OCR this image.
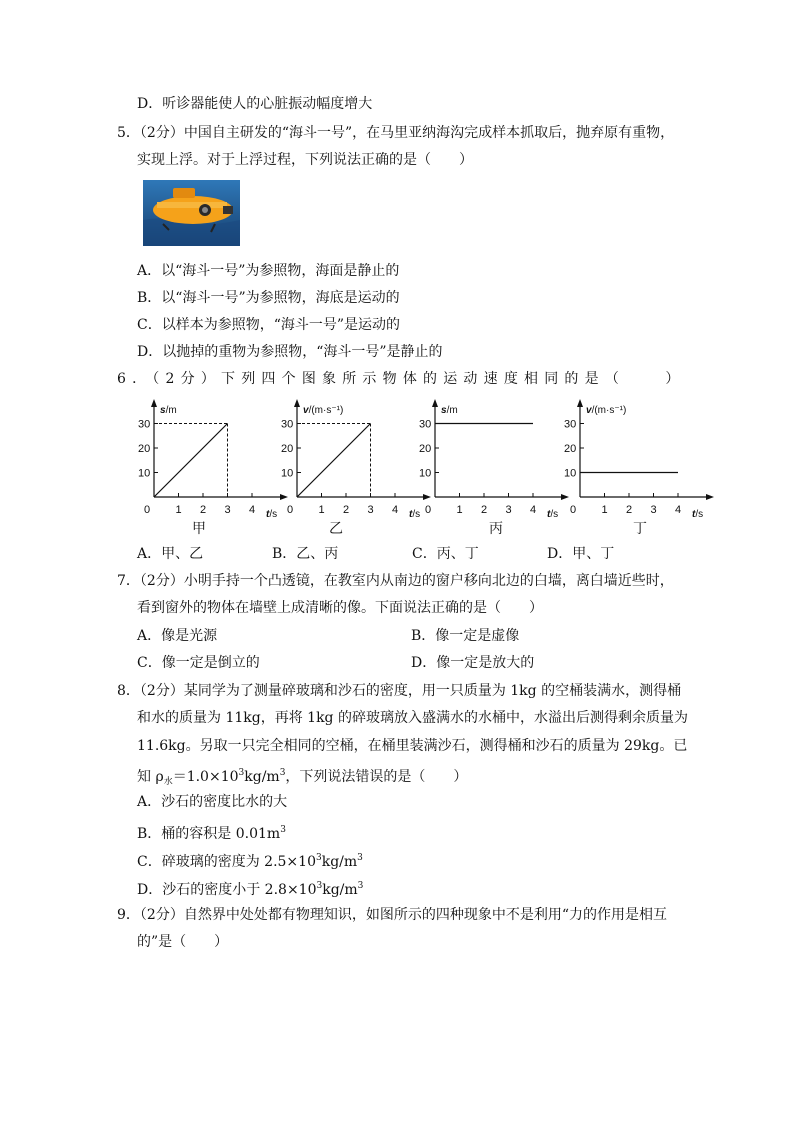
D．听诊器能使人的心脏振动幅度增大
5．（2分）中国自主研发的“海斗一号”，在马里亚纳海沟完成样本抓取后，抛弃原有重物，
实现上浮。对于上浮过程，下列说法正确的是（　　）
A．以“海斗一号”为参照物，海面是静止的
B．以“海斗一号”为参照物，海底是运动的
C．以样本为参照物，“海斗一号”是运动的
D．以抛掉的重物为参照物，“海斗一号”是静止的
6．（2分）下列四个图象所示物体的运动速度相同的是（　　）
s/m
t/s
10
20
30
0 1 2 3 4
v/(m·s⁻¹)
t/s
10
20
30
0 1 2 3 4
s/m
t/s
10
20
30
0 1 2 3 4
v/(m·s⁻¹)
t/s
10
20
30
0 1 2 3 4
甲	乙	丙	丁
A．甲、乙	B．乙、丙	C．丙、丁	D．甲、丁
7．（2分）小明手持一个凸透镜，在教室内从南边的窗户移向北边的白墙，离白墙近些时，
看到窗外的物体在墙壁上成清晰的像。下面说法正确的是（　　）
A．像是光源	B．像一定是虚像
C．像一定是倒立的	D．像一定是放大的
8．（2分）某同学为了测量碎玻璃和沙石的密度，用一只质量为 1kg 的空桶装满水，测得桶
和水的质量为 11kg，再将 1kg 的碎玻璃放入盛满水的水桶中，水溢出后测得剩余质量为
11.6kg。另取一只完全相同的空桶，在桶里装满沙石，测得桶和沙石的质量为 29kg。已
知 $\rho_水=1.0\times 10^3kg/m^3$，下列说法错误的是（　　）
A．沙石的密度比水的大
B．桶的容积是 $0.01m^3$
C．碎玻璃的密度为 $2.5\times 10^3kg/m^3$
D．沙石的密度小于 $2.8\times 10^3kg/m^3$
9．（2分）自然界中处处都有物理知识，如图所示的四种现象中不是利用“力的作用是相互
的”是（　　）
